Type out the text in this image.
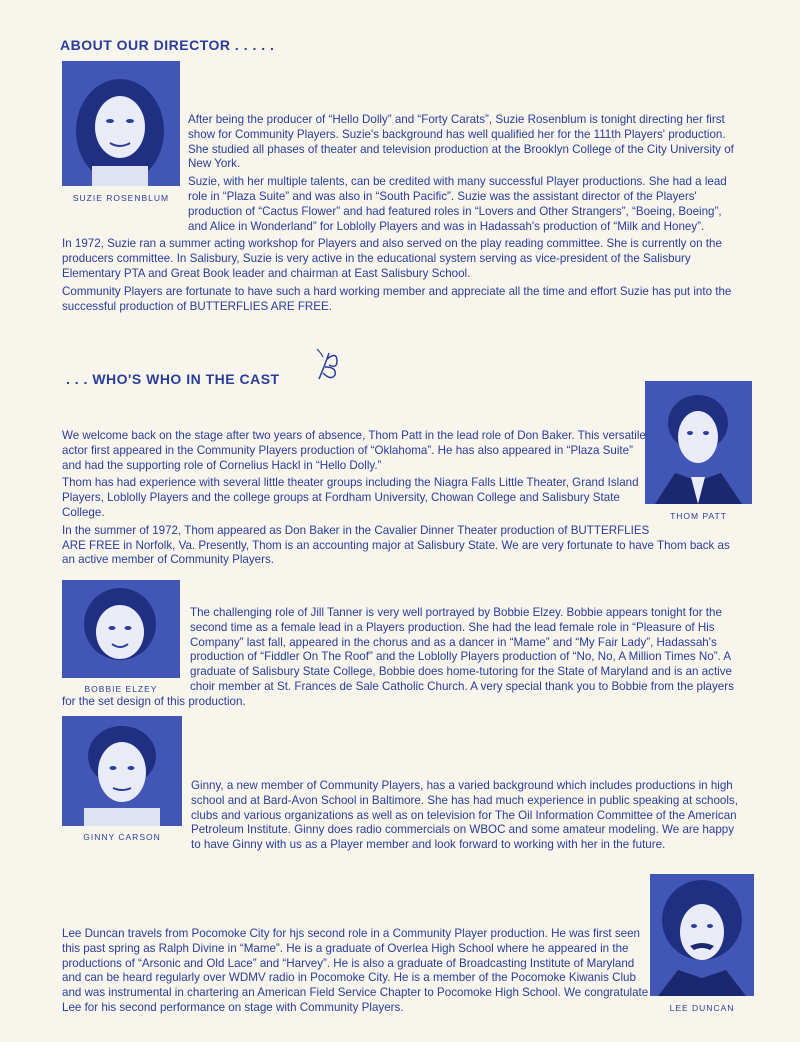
ABOUT OUR DIRECTOR . . . . .
SUZIE ROSENBLUM

After being the producer of “Hello Dolly” and “Forty Carats”, Suzie Rosenblum is tonight directing her first show for Community Players. Suzie's background has well qualified her for the 111th Players' production. She studied all phases of theater and television production at the Brooklyn College of the City University of New York.

Suzie, with her multiple talents, can be credited with many successful Player productions. She had a lead role in “Plaza Suite” and was also in “South Pacific”. Suzie was the assistant director of the Players' production of “Cactus Flower” and had featured roles in “Lovers and Other Strangers”, “Boeing, Boeing”, and Alice in Wonderland” for Loblolly Players and was in Hadassah's production of “Milk and Honey”.

In 1972, Suzie ran a summer acting workshop for Players and also served on the play reading committee. She is currently on the producers committee. In Salisbury, Suzie is very active in the educational system serving as vice-president of the Salisbury Elementary PTA and Great Book leader and chairman at East Salisbury School.

Community Players are fortunate to have such a hard working member and appreciate all the time and effort Suzie has put into the successful production of BUTTERFLIES ARE FREE.

. . . WHO'S WHO IN THE CAST
THOM PATT

We welcome back on the stage after two years of absence, Thom Patt in the lead role of Don Baker. This versatile actor first appeared in the Community Players production of “Oklahoma”. He has also appeared in “Plaza Suite” and had the supporting role of Cornelius Hackl in “Hello Dolly.”

Thom has had experience with several little theater groups including the Niagra Falls Little Theater, Grand Island Players, Loblolly Players and the college groups at Fordham University, Chowan College and Salisbury State College.

In the summer of 1972, Thom appeared as Don Baker in the Cavalier Dinner Theater production of BUTTERFLIES ARE FREE in Norfolk, Va. Presently, Thom is an accounting major at Salisbury State. We are very fortunate to have Thom back as an active member of Community Players.

BOBBIE ELZEY

The challenging role of Jill Tanner is very well portrayed by Bobbie Elzey. Bobbie appears tonight for the second time as a female lead in a Players production. She had the lead female role in “Pleasure of His Company” last fall, appeared in the chorus and as a dancer in “Mame” and “My Fair Lady”, Hadassah's production of “Fiddler On The Roof” and the Loblolly Players production of “No, No, A Million Times No”. A graduate of Salisbury State College, Bobbie does home-tutoring for the State of Maryland and is an active choir member at St. Frances de Sale Catholic Church. A very special thank you to Bobbie from the players for the set design of this production.

GINNY CARSON

Ginny, a new member of Community Players, has a varied background which includes productions in high school and at Bard-Avon School in Baltimore. She has had much experience in public speaking at schools, clubs and various organizations as well as on television for The Oil Information Committee of the American Petroleum Institute. Ginny does radio commercials on WBOC and some amateur modeling. We are happy to have Ginny with us as a Player member and look forward to working with her in the future.

LEE DUNCAN

Lee Duncan travels from Pocomoke City for hjs second role in a Community Player production. He was first seen this past spring as Ralph Divine in “Mame”. He is a graduate of Overlea High School where he appeared in the productions of “Arsonic and Old Lace” and “Harvey”. He is also a graduate of Broadcasting Institute of Maryland and can be heard regularly over WDMV radio in Pocomoke City. He is a member of the Pocomoke Kiwanis Club and was instrumental in chartering an American Field Service Chapter to Pocomoke High School. We congratulate Lee for his second performance on stage with Community Players.
